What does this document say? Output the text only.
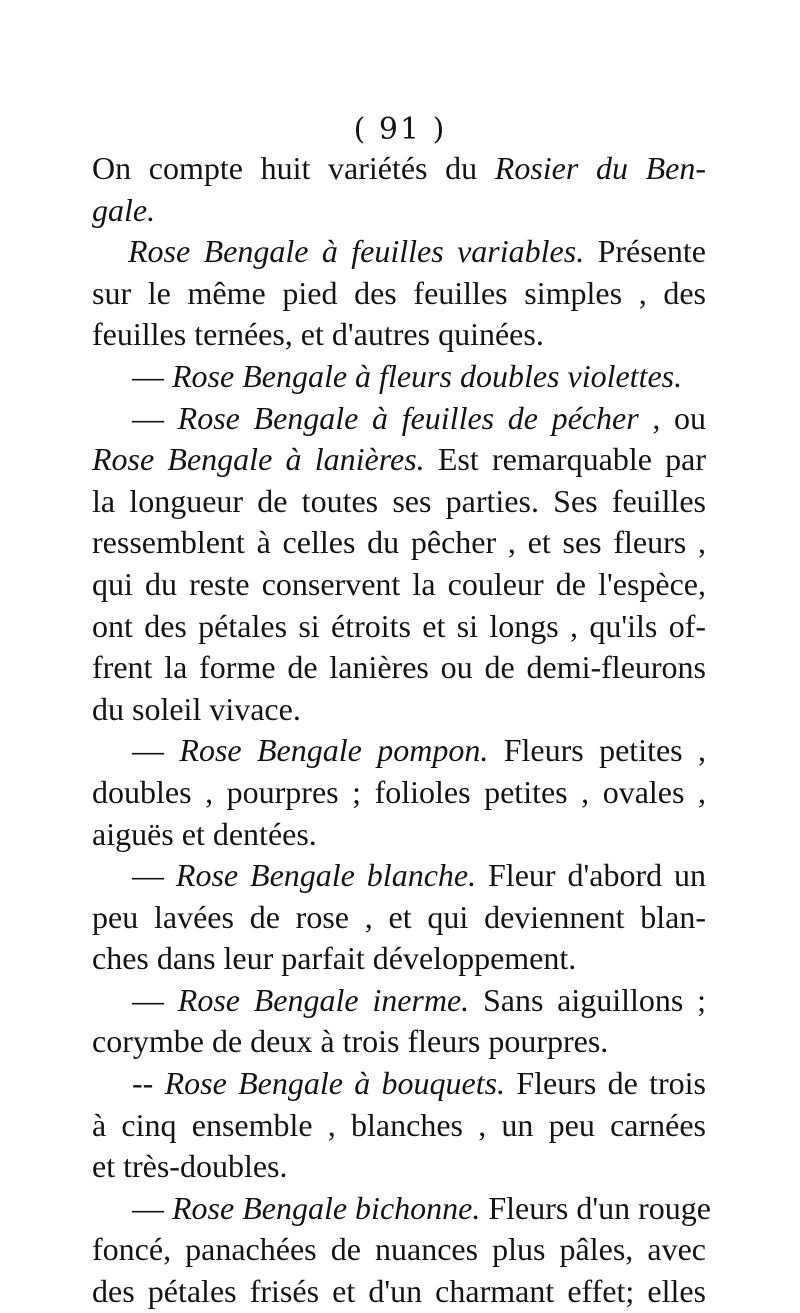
( 91 )
On compte huit variétés du Rosier du Ben-
gale.
Rose Bengale à feuilles variables. Présente
sur le même pied des feuilles simples , des
feuilles ternées, et d'autres quinées.
— Rose Bengale à fleurs doubles violettes.
— Rose Bengale à feuilles de pécher , ou
Rose Bengale à lanières. Est remarquable par
la longueur de toutes ses parties. Ses feuilles
ressemblent à celles du pêcher , et ses fleurs ,
qui du reste conservent la couleur de l'espèce,
ont des pétales si étroits et si longs , qu'ils of-
frent la forme de lanières ou de demi-fleurons
du soleil vivace.
— Rose Bengale pompon. Fleurs petites ,
doubles , pourpres ; folioles petites , ovales ,
aiguës et dentées.
— Rose Bengale blanche. Fleur d'abord un
peu lavées de rose , et qui deviennent blan-
ches dans leur parfait développement.
— Rose Bengale inerme. Sans aiguillons ;
corymbe de deux à trois fleurs pourpres.
-- Rose Bengale à bouquets. Fleurs de trois
à cinq ensemble , blanches , un peu carnées
et très-doubles.
— Rose Bengale bichonne. Fleurs d'un rouge
foncé, panachées de nuances plus pâles, avec
des pétales frisés et d'un charmant effet; elles
